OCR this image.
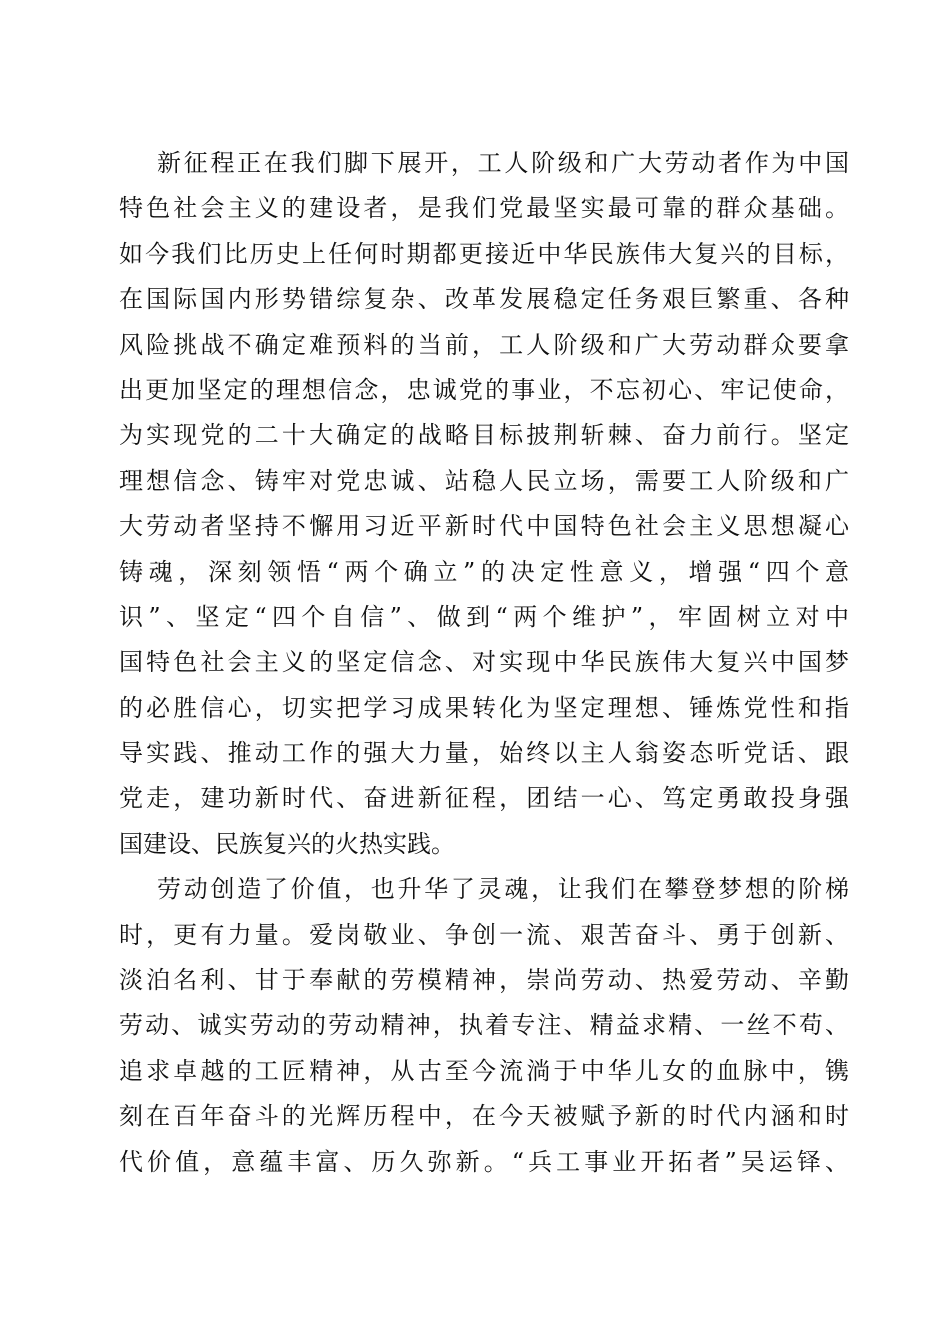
新征程正在我们脚下展开，工人阶级和广大劳动者作为中国
特色社会主义的建设者，是我们党最坚实最可靠的群众基础。
如今我们比历史上任何时期都更接近中华民族伟大复兴的目标，
在国际国内形势错综复杂、改革发展稳定任务艰巨繁重、各种
风险挑战不确定难预料的当前，工人阶级和广大劳动群众要拿
出更加坚定的理想信念，忠诚党的事业，不忘初心、牢记使命，
为实现党的二十大确定的战略目标披荆斩棘、奋力前行。坚定
理想信念、铸牢对党忠诚、站稳人民立场，需要工人阶级和广
大劳动者坚持不懈用习近平新时代中国特色社会主义思想凝心
铸魂，深刻领悟“两个确立”的决定性意义，增强“四个意
识”、坚定“四个自信”、做到“两个维护”，牢固树立对中
国特色社会主义的坚定信念、对实现中华民族伟大复兴中国梦
的必胜信心，切实把学习成果转化为坚定理想、锤炼党性和指
导实践、推动工作的强大力量，始终以主人翁姿态听党话、跟
党走，建功新时代、奋进新征程，团结一心、笃定勇敢投身强
国建设、民族复兴的火热实践。
劳动创造了价值，也升华了灵魂，让我们在攀登梦想的阶梯
时，更有力量。爱岗敬业、争创一流、艰苦奋斗、勇于创新、
淡泊名利、甘于奉献的劳模精神，崇尚劳动、热爱劳动、辛勤
劳动、诚实劳动的劳动精神，执着专注、精益求精、一丝不苟、
追求卓越的工匠精神，从古至今流淌于中华儿女的血脉中，镌
刻在百年奋斗的光辉历程中，在今天被赋予新的时代内涵和时
代价值，意蕴丰富、历久弥新。“兵工事业开拓者”吴运铎、
